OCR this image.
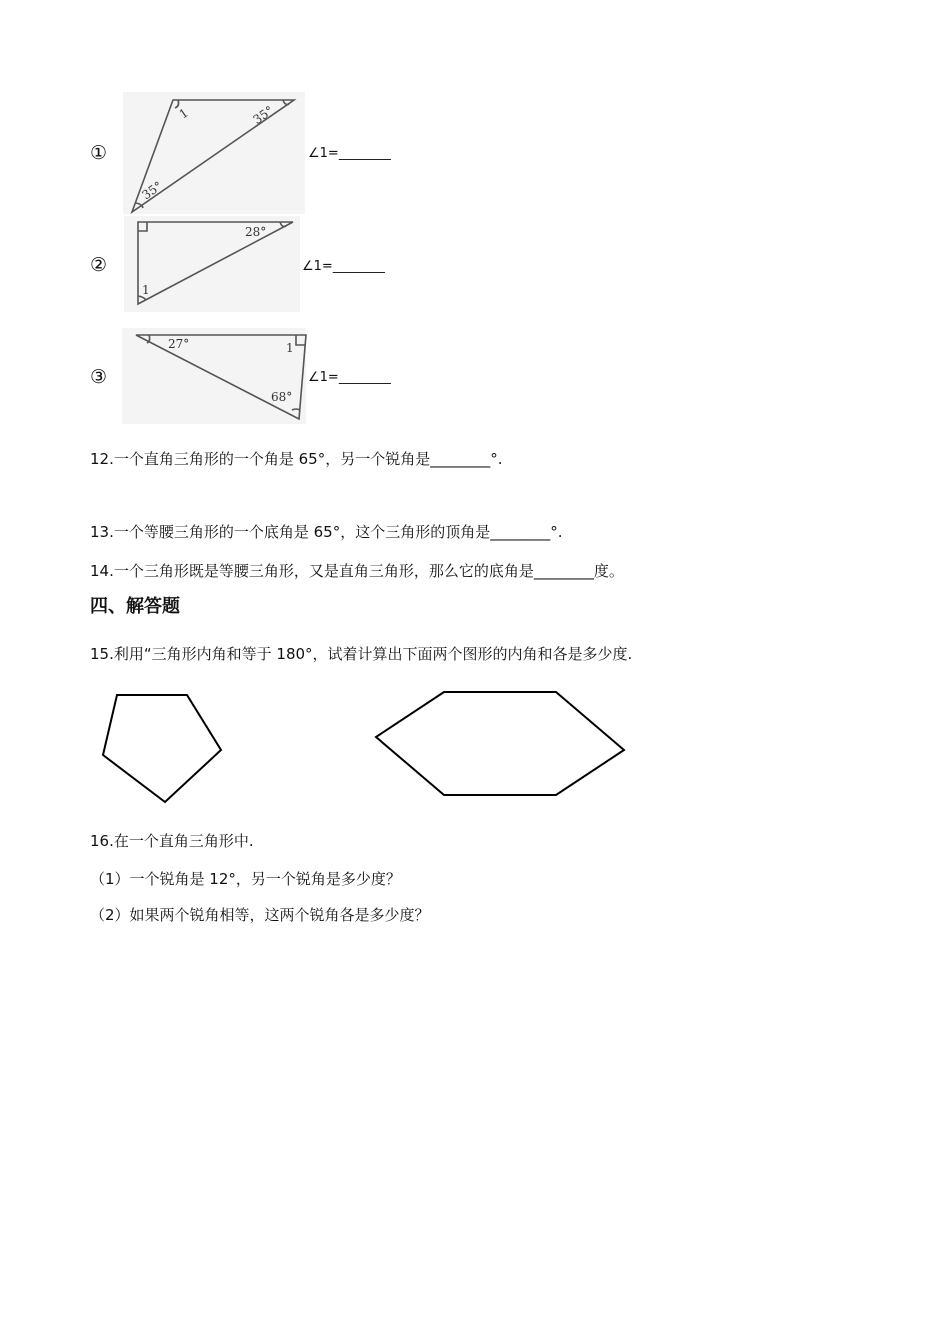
①
1	35°
35°
∠1=________
②
28°
1
∠1=________
③
27°	1
68°
∠1=________
12.一个直角三角形的一个角是 65°，另一个锐角是________°.
13.一个等腰三角形的一个底角是 65°，这个三角形的顶角是________°.
14.一个三角形既是等腰三角形，又是直角三角形，那么它的底角是________度。
四、解答题
15.利用“三角形内角和等于 180°，试着计算出下面两个图形的内角和各是多少度.
16.在一个直角三角形中.
（1）一个锐角是 12°，另一个锐角是多少度？
（2）如果两个锐角相等，这两个锐角各是多少度？
